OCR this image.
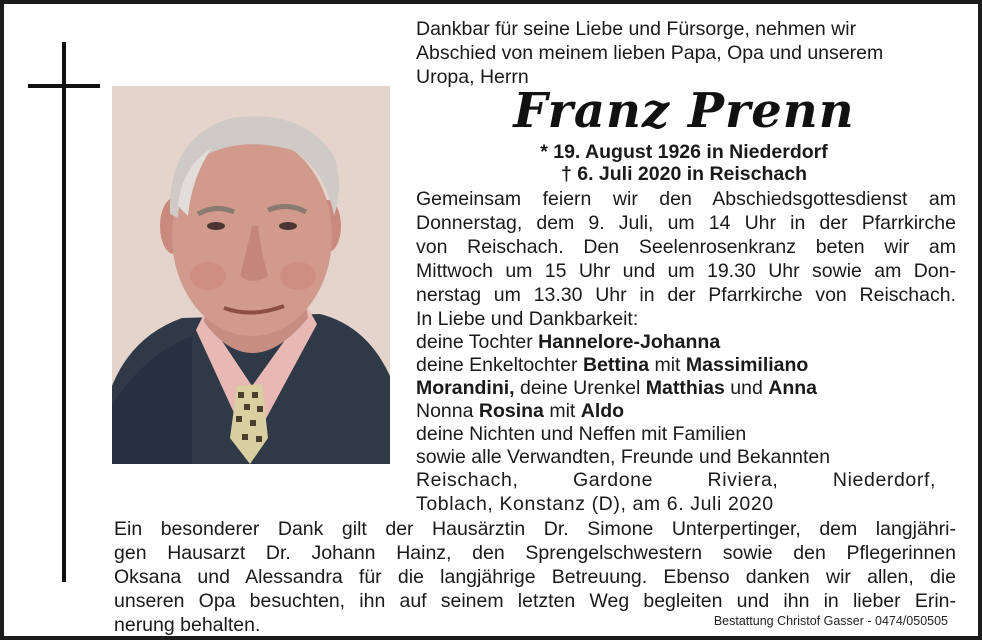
Dankbar für seine Liebe und Fürsorge, nehmen wir
Abschied von meinem lieben Papa, Opa und unserem
Uropa, Herrn
Franz Prenn
* 19. August 1926 in Niederdorf
† 6. Juli 2020 in Reischach
Gemeinsam feiern wir den Abschiedsgottesdienst am
Donnerstag, dem 9. Juli, um 14 Uhr in der Pfarrkirche
von Reischach. Den Seelenrosenkranz beten wir am
Mittwoch um 15 Uhr und um 19.30 Uhr sowie am Don-
nerstag um 13.30 Uhr in der Pfarrkirche von Reischach.
In Liebe und Dankbarkeit:
deine Tochter Hannelore-Johanna
deine Enkeltochter Bettina mit Massimiliano
Morandini, deine Urenkel Matthias und Anna
Nonna Rosina mit Aldo
deine Nichten und Neffen mit Familien
sowie alle Verwandten, Freunde und Bekannten
Reischach, Gardone Riviera, Niederdorf,
Toblach, Konstanz (D), am 6. Juli 2020
Ein besonderer Dank gilt der Hausärztin Dr. Simone Unterpertinger, dem langjähri-
gen Hausarzt Dr. Johann Hainz, den Sprengelschwestern sowie den Pflegerinnen
Oksana und Alessandra für die langjährige Betreuung. Ebenso danken wir allen, die
unseren Opa besuchten, ihn auf seinem letzten Weg begleiten und ihn in lieber Erin-
nerung behalten.	Bestattung Christof Gasser - 0474/050505
